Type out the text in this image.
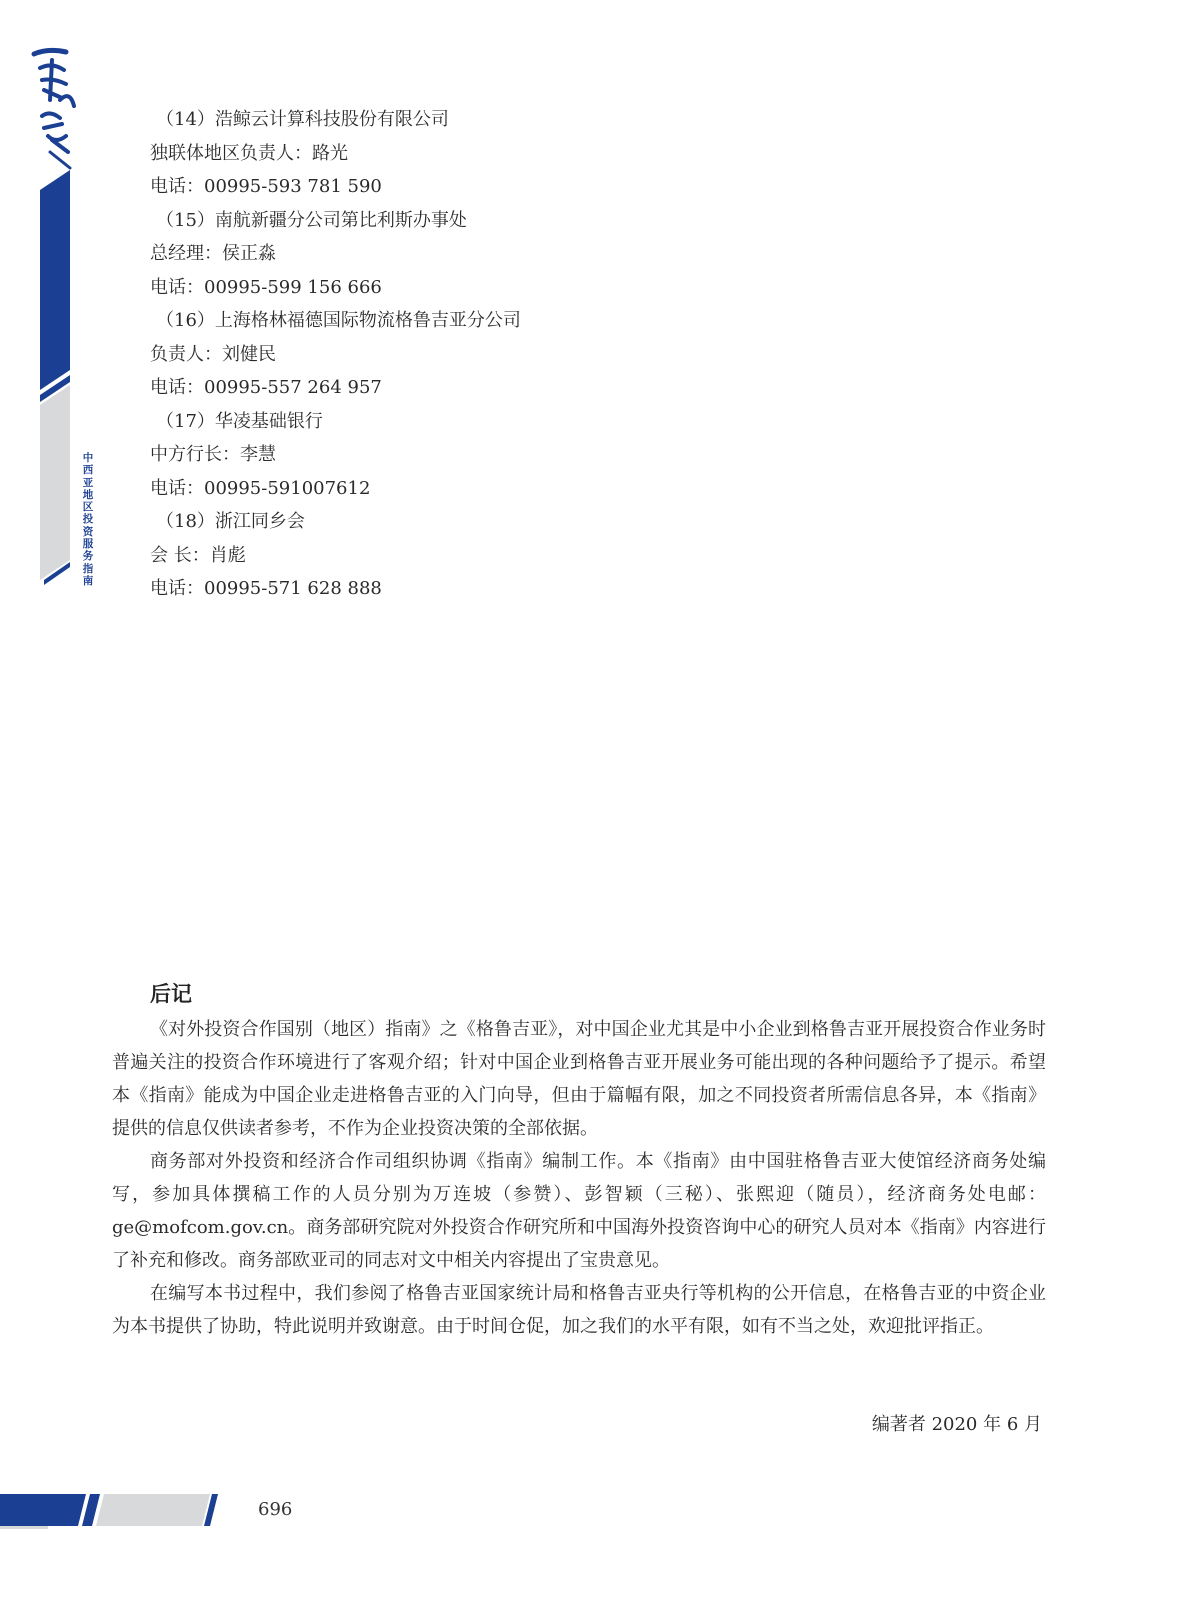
中亚互联（国际）孵化器
中西亚地区投资服务指南
（14）浩鲸云计算科技股份有限公司
独联体地区负责人：路光
电话：00995-593 781 590
（15）南航新疆分公司第比利斯办事处
总经理：侯正淼
电话：00995-599 156 666
（16）上海格林福德国际物流格鲁吉亚分公司
负责人：刘健民
电话：00995-557 264 957
（17）华凌基础银行
中方行长：李慧
电话：00995-591007612
（18）浙江同乡会
会 长：肖彪
电话：00995-571 628 888
后记

《对外投资合作国别（地区）指南》之《格鲁吉亚》，对中国企业尤其是中小企业到格鲁吉亚开展投资合作业务时普遍关注的投资合作环境进行了客观介绍；针对中国企业到格鲁吉亚开展业务可能出现的各种问题给予了提示。希望本《指南》能成为中国企业走进格鲁吉亚的入门向导，但由于篇幅有限，加之不同投资者所需信息各异，本《指南》提供的信息仅供读者参考，不作为企业投资决策的全部依据。

商务部对外投资和经济合作司组织协调《指南》编制工作。本《指南》由中国驻格鲁吉亚大使馆经济商务处编写，参加具体撰稿工作的人员分别为万连坡（参赞）、彭智颖（三秘）、张熙迎（随员），经济商务处电邮： ge@mofcom.gov.cn。商务部研究院对外投资合作研究所和中国海外投资咨询中心的研究人员对本《指南》内容进行了补充和修改。商务部欧亚司的同志对文中相关内容提出了宝贵意见。

在编写本书过程中，我们参阅了格鲁吉亚国家统计局和格鲁吉亚央行等机构的公开信息，在格鲁吉亚的中资企业为本书提供了协助，特此说明并致谢意。由于时间仓促，加之我们的水平有限，如有不当之处，欢迎批评指正。

编著者 2020 年 6 月
696
